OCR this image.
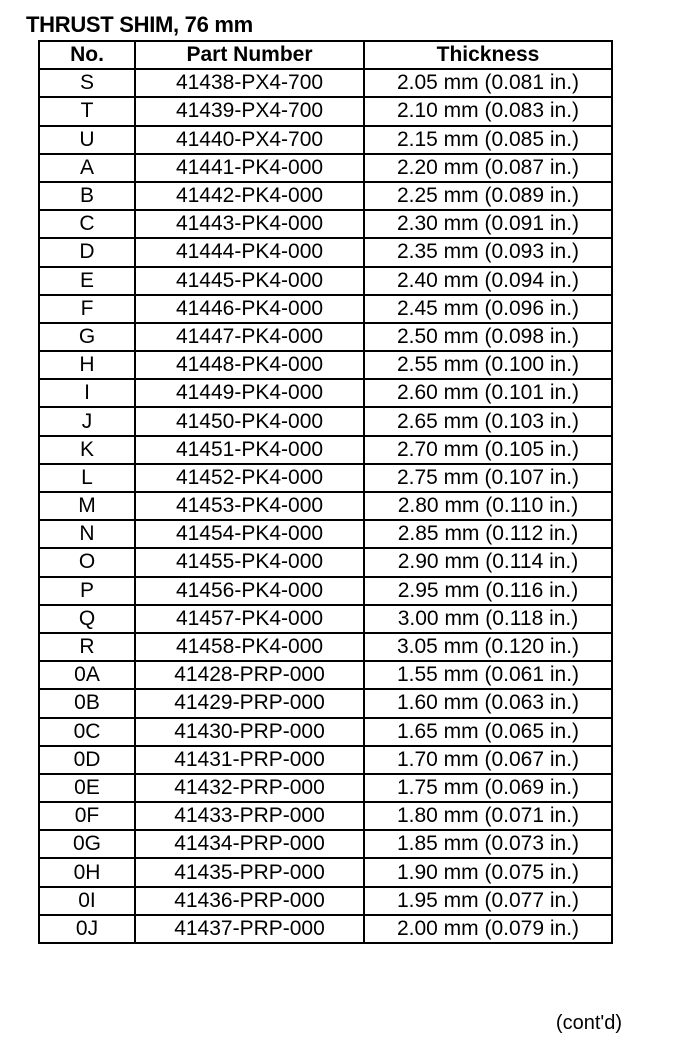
THRUST SHIM, 76 mm
No.	Part Number	Thickness
S	41438-PX4-700	2.05 mm (0.081 in.)
T	41439-PX4-700	2.10 mm (0.083 in.)
U	41440-PX4-700	2.15 mm (0.085 in.)
A	41441-PK4-000	2.20 mm (0.087 in.)
B	41442-PK4-000	2.25 mm (0.089 in.)
C	41443-PK4-000	2.30 mm (0.091 in.)
D	41444-PK4-000	2.35 mm (0.093 in.)
E	41445-PK4-000	2.40 mm (0.094 in.)
F	41446-PK4-000	2.45 mm (0.096 in.)
G	41447-PK4-000	2.50 mm (0.098 in.)
H	41448-PK4-000	2.55 mm (0.100 in.)
I	41449-PK4-000	2.60 mm (0.101 in.)
J	41450-PK4-000	2.65 mm (0.103 in.)
K	41451-PK4-000	2.70 mm (0.105 in.)
L	41452-PK4-000	2.75 mm (0.107 in.)
M	41453-PK4-000	2.80 mm (0.110 in.)
N	41454-PK4-000	2.85 mm (0.112 in.)
O	41455-PK4-000	2.90 mm (0.114 in.)
P	41456-PK4-000	2.95 mm (0.116 in.)
Q	41457-PK4-000	3.00 mm (0.118 in.)
R	41458-PK4-000	3.05 mm (0.120 in.)
0A	41428-PRP-000	1.55 mm (0.061 in.)
0B	41429-PRP-000	1.60 mm (0.063 in.)
0C	41430-PRP-000	1.65 mm (0.065 in.)
0D	41431-PRP-000	1.70 mm (0.067 in.)
0E	41432-PRP-000	1.75 mm (0.069 in.)
0F	41433-PRP-000	1.80 mm (0.071 in.)
0G	41434-PRP-000	1.85 mm (0.073 in.)
0H	41435-PRP-000	1.90 mm (0.075 in.)
0I	41436-PRP-000	1.95 mm (0.077 in.)
0J	41437-PRP-000	2.00 mm (0.079 in.)
(cont'd)
